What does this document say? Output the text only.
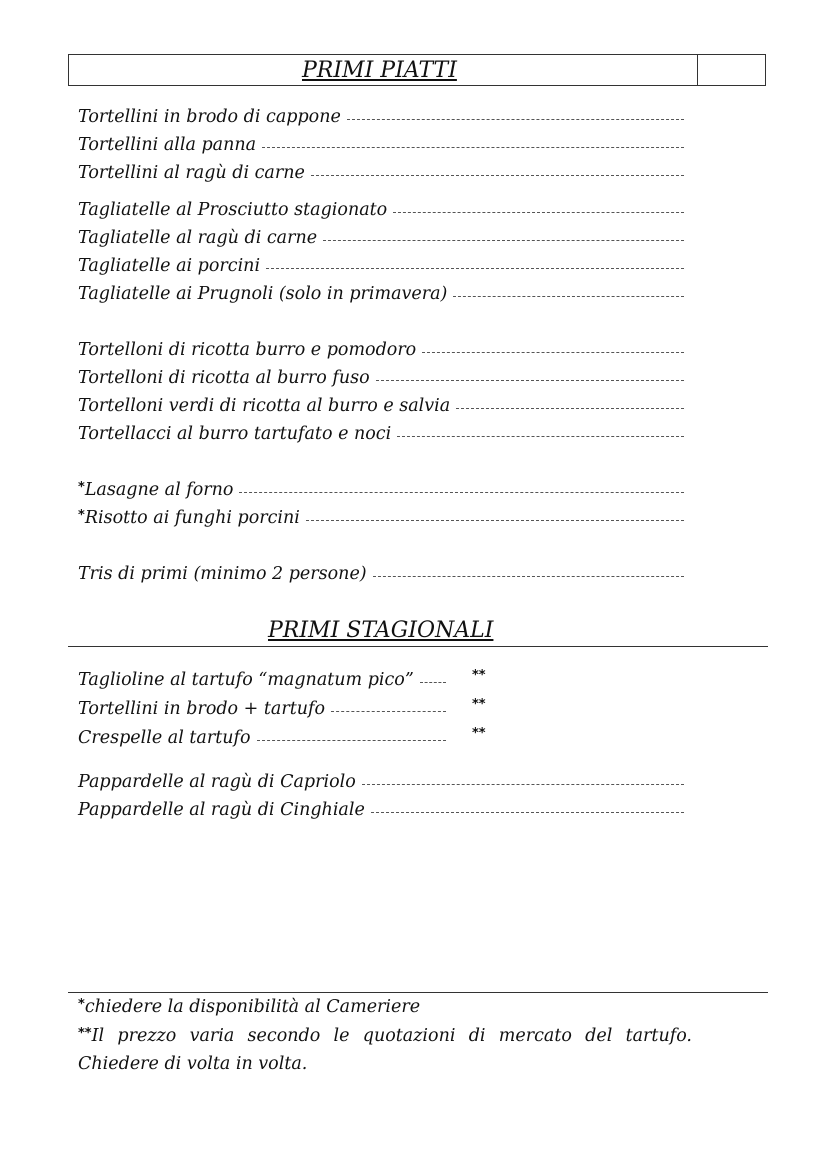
PRIMI PIATTI
Tortellini in brodo di cappone
Tortellini alla panna
Tortellini al ragù di carne
Tagliatelle al Prosciutto stagionato
Tagliatelle al ragù di carne
Tagliatelle ai porcini
Tagliatelle ai Prugnoli (solo in primavera)
Tortelloni di ricotta burro e pomodoro
Tortelloni di ricotta al burro fuso
Tortelloni verdi di ricotta al burro e salvia
Tortellacci al burro tartufato e noci
* Lasagne al forno
* Risotto ai funghi porcini
Tris di primi (minimo 2 persone)
PRIMI STAGIONALI
Taglioline al tartufo “magnatum pico”	**
Tortellini in brodo + tartufo	**
Crespelle al tartufo	**
Pappardelle al ragù di Capriolo
Pappardelle al ragù di Cinghiale
*chiedere la disponibilità al Cameriere
**Il prezzo varia secondo le quotazioni di mercato del tartufo.
Chiedere di volta in volta.
